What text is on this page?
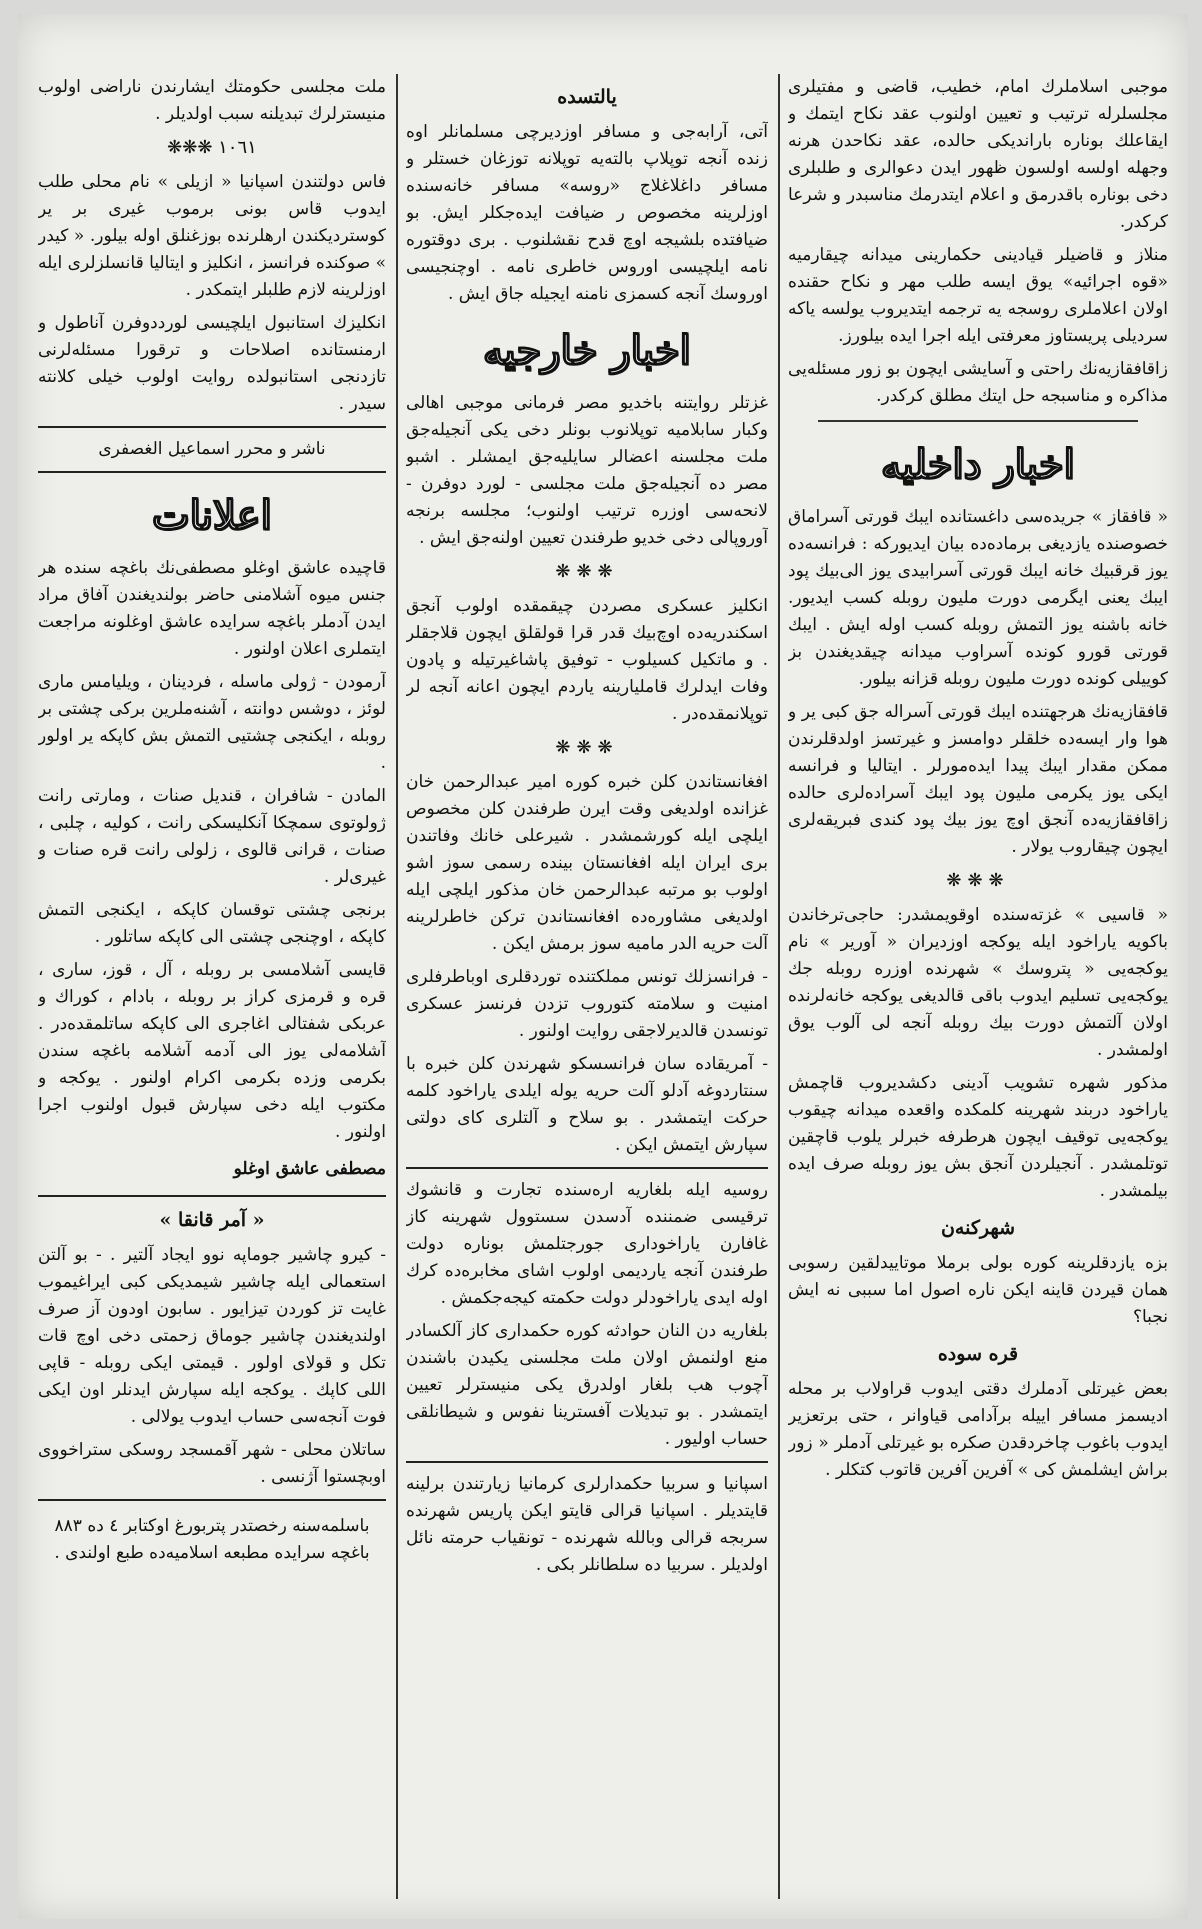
موجبی اسلاملرك امام، خطیب، قاضی و مفتیلری مجلسلرله ترتیب و تعیین اولنوب عقد نكاح ایتمك و ایقاعلك بوناره باراندیكی حالده، عقد نكاحدن هرنه وجهله اولسه اولسون ظهور ایدن دعوالری و طلبلری دخی بوناره باقدرمق و اعلام ایتدرمك مناسبدر و شرعا كركدر.

منلاز و قاضیلر قیادینی حكمارینی میدانه چیقارمیه «قوه اجرائیه» یوق ایسه طلب مهر و نكاح حقنده اولان اعلاملری روسجه یه ترجمه ایتدیروب یولسه یاکه سردیلی پریستاوز معرفتی ایله اجرا ایده بیلورز.

زاقافقازیه‌نك راحتی و آسایشی ایچون بو زور مسئله‌یی مذاكره و مناسبجه حل ایتك مطلق كركدر.

اخبار داخلیه

« قافقاز » جریده‌سی داغستانده ایبك قورتی آسراماق خصوصنده یازدیغی برماده‌ده بیان ایدیوركه : فرانسه‌ده یوز قرقبیك خانه ایبك قورتی آسرابیدی‌ یوز الی‌بیك پود ایبك یعنی ایگرمی دورت ملیون روبله كسب ایدیور. خانه باشنه یوز التمش روبله كسب اوله ایش . ایبك قورتی قورو كونده آسراوب میدانه چیقدیغندن بز كوییلی كونده دورت ملیون روبله قزانه بیلور.

قافقازیه‌نك هرجهتنده ایبك قورتی آسراله جق كبی یر و هوا وار ایسه‌ده خلقلر دوامسز و غیرتسز اولدقلرندن ممكن مقدار ایبك پیدا ایده‌مورلر . ایتالیا و فرانسه ایكی یوز یكرمی ملیون پود ایبك آسراده‌لری حالده زاقافقازیه‌ده‌ آنجق اوچ یوز بیك پود كندی فبریقه‌لری ایچون چیقاروب یولار .

❋❋❋

« قاسیی » غزته‌سنده اوقویمشدر: حاجی‌ترخاندن باكویه یاراخود ایله یوكجه اوزدیران « آوریر » نام یوكجه‌یی « پتروسك » شهرنده اوزره‌ روبله‌ جك یوكجه‌یی تسلیم ایدوب باقی قالدیغی یوكجه خانه‌لرنده اولان آلتمش دورت بیك روبله آنجه‌ لی آلوب یوق اولمشدر .

مذكور شهره تشویب آدینی دكشدیروب قاچمش یاراخود دربند شهرینه كلمكده واقعده میدانه چیقوب یوكجه‌یی توقیف ایچون هرطرفه خبرلر یلوب قاچقین توتلمشدر . آنجیلردن آنجق بش یوز روبله صرف ایده بیلمشدر .

شهركنه‌ن

بزه یازدقلرینه كوره بولی برملا موتاییدلقین رسوبی همان قیردن قاینه ایكن ناره اصول اما سببی نه ایش نجبا؟

قره سوده

بعض غیرتلی آدملرك دقتی ایدوب قراولاب بر محله ادیسمز مسافر اییله برآدامی قیاوانر ، حتی برتعزیر ایدوب باغوب چاخردقدن صكره بو غیرتلی آدملر « زور براش ایشلمش كی » آفرین آفرین قاتوب كتكلر .

یالتسده

آتی، آرابه‌جی و مسافر اوزدیرچی مسلمانلر اوه زنده آنجه توپلاپ بالته‌یه توپلانه توزغان خستلر و مسافر داغلاغلاج «روسه» مسافر خانه‌سنده اوزلرینه مخصوص ر ضیافت ایده‌جكلر ایش. بو ضیافتده بلشیجه اوچ قدح نقشلنوب . بری دوقتوره نامه ایلچیسی اوروس خاطری نامه . اوچنجیسی اوروسك آنجه كسمزی نامنه ایجیله جاق ایش .

اخبار خارجیه

غزتلر روایتنه باخدیو مصر فرمانی موجبی اهالی وكبار سابلامیه توپلانوب بونلر دخی یكی آنجیله‌جق ملت مجلسنه اعضالر سایلیه‌جق ایمشلر . اشبو مصر ده آنجیله‌جق ملت مجلسی - لورد دوفرن - لانحه‌سی اوزره ترتیب اولنوب؛ مجلسه برنجه آوروپالی دخی خدیو طرفندن تعیین اولنه‌جق ایش .

❋❋❋

انكلیز عسكری مصردن چیقمقده اولوب آنجق اسكندریه‌ده اوچ‌بیك قدر قرا قولقلق ایچون قلاجقلر . و ماتكیل كسیلوب - توفیق پاشاغیرتیله و پادون وفات ایدلرك قاملیارینه یاردم ایچون اعانه آنجه لر توپلانمقده‌در .

❋❋❋

افغانستاندن كلن خبره كوره امیر عبدالرحمن خان غزانده اولدیغی وقت ایرن طرفندن كلن مخصوص ایلچی ایله كورشمشدر . شیرعلی خانك وفاتندن بری ایران ایله افغانستان بینده رسمی سوز اشو اولوب بو مرتبه عبدالرحمن خان مذكور ایلچی ایله اولدیغی مشاوره‌ده افغانستاندن تركن خاطرلرینه آلت حریه الدر مامیه سوز برمش ایكن .

- فرانسزلك تونس مملكتنده توردقلری اوباطرفلری امنیت و سلامته كتوروب تزدن فرنسز عسكری تونسدن قالدیرلاجقی روایت اولنور .

- آمریقاده سان فرانسسكو شهرندن كلن خبره با سنتاردوغه آدلو آلت حریه یوله ایلدی یاراخود كلمه حركت ایتمشدر . بو سلاح و آلتلری كاى دولتی سپارش ایتمش ایكن .

روسیه ایله بلغاریه اره‌سنده تجارت و قانشوك ترقیسی ضمننده آدسدن سستوول شهرینه كاز غافارن یاراخوداری جورجتلمش بوناره دولت طرفندن آنجه یاردیمی اولوب اشای مخابره‌ده كرك اوله‌ ایدی یاراخودلر دولت حكمته كیجه‌جكمش .

بلغاریه دن النان حوادثه كوره حكمدارى كاز آلكسادر منع اولنمش اولان ملت مجلسنی یكیدن باشندن آچوب هب بلغار اولدرق یكی منیسترلر تعیین ایتمشدر . بو تبدیلات آفسترینا نفوس و شیطانلقی حساب اولیور .

اسپانیا و سربیا حكمدارلری كرمانیا زیارتندن برلینه قایتدیلر . اسپانیا قرالی قایتو ایكن پاریس شهرنده سربجه قرالی وبالله شهرنده - تونقیاب حرمته نائل اولدیلر . سربیا ده سلطانلر بكی .

ملت مجلسی حكومتك ایشارندن ناراضی اولوب منیسترلرك تبدیلنه سبب اولدیلر .

١٠٦١ ❋❋❋

فاس دولتندن اسپانیا « ازیلی » نام محلی طلب ایدوب قاس بونی برموب غیری بر یر كوستردیكندن ارهلرنده بوزغنلق اوله بیلور. « كیدر » صوكنده فرانسز ، انكلیز و ایتالیا قانسلزلری ایله اوزلرینه لازم طلبلر ایتمكدر .

انكلیزك استانبول ایلچیسی لورددوفرن آناطول و ارمنستانده اصلاحات و ترقورا مسئله‌لرنی تازدنجی استانبولده روایت اولوب خیلی كلانته سیدر .

ناشر و محرر اسماعیل الغصفری
اعلانات

قاچیده عاشق اوغلو مصطفی‌نك باغچه سنده هر جنس میوه آشلامنی حاضر بولندیغندن آفاق مراد ایدن آدملر باغچه سرایده عاشق اوغلونه مراجعت ایتملری اعلان اولنور .

آرمودن - ژولی ماسله ، فردینان ، ویلیامس ماری لوئز ، دوشس دوانته ، آشنه‌ملرین بركی چشتی بر روبله ، ایكنجی چشتیی التمش بش كاپكه یر اولور .

المادن - شافران ، قندیل صنات ، ومارتی رانت ژولوتوی سمچكا آنكلیسكی رانت ، كولیه ، چلبی ، صنات ، قرانی قالوی ، زلولی رانت قره صنات و غیری‌لر .

برنجی چشتی توقسان كاپكه ، ایكنجی التمش كاپكه ، اوچنجی چشتی الی كاپكه ساتلور .

قایسی آشلامسی بر روبله ، آل ، قوز، ساری ، قره و قرمزی كراز بر روبله ، بادام ، كوراك و عربكی شفتالی اغاجری الی كاپكه ساتلمقده‌در . آشلامه‌لی یوز الی آدمه آشلامه باغچه سندن بكرمی وزده بكرمی اكرام اولنور . یوكجه و مكتوب ایله دخی سپارش قبول اولنوب اجرا اولنور .

مصطفی عاشق اوغلو
« آمر قانقا »

- كیرو چاشیر جوماپه نوو ایجاد آلتیر . - بو آلتن استعمالی ایله چاشیر شیمدیكی كبی ایراغیموب غایت تز كوردن تیزایور . سابون اودون آز صرف اولندیغندن چاشیر جوماق زحمتی دخی اوچ قات تكل و قولای اولور . قیمتی ایكی روبله - قاپی اللی كاپك . یوكجه ایله سپارش ایدنلر اون ایكی فوت آنجه‌سی حساب ایدوب یولالی .

ساتلان محلی - شهر آقمسجد روسكی ستراخووی اوبچستوا آژنسی .

باسلمه‌سنه رخصتدر پتربورغ اوكتابر ٤ ده ٨٨٣ باغچه سرایده مطبعه اسلامیه‌ده طبع اولندی .
